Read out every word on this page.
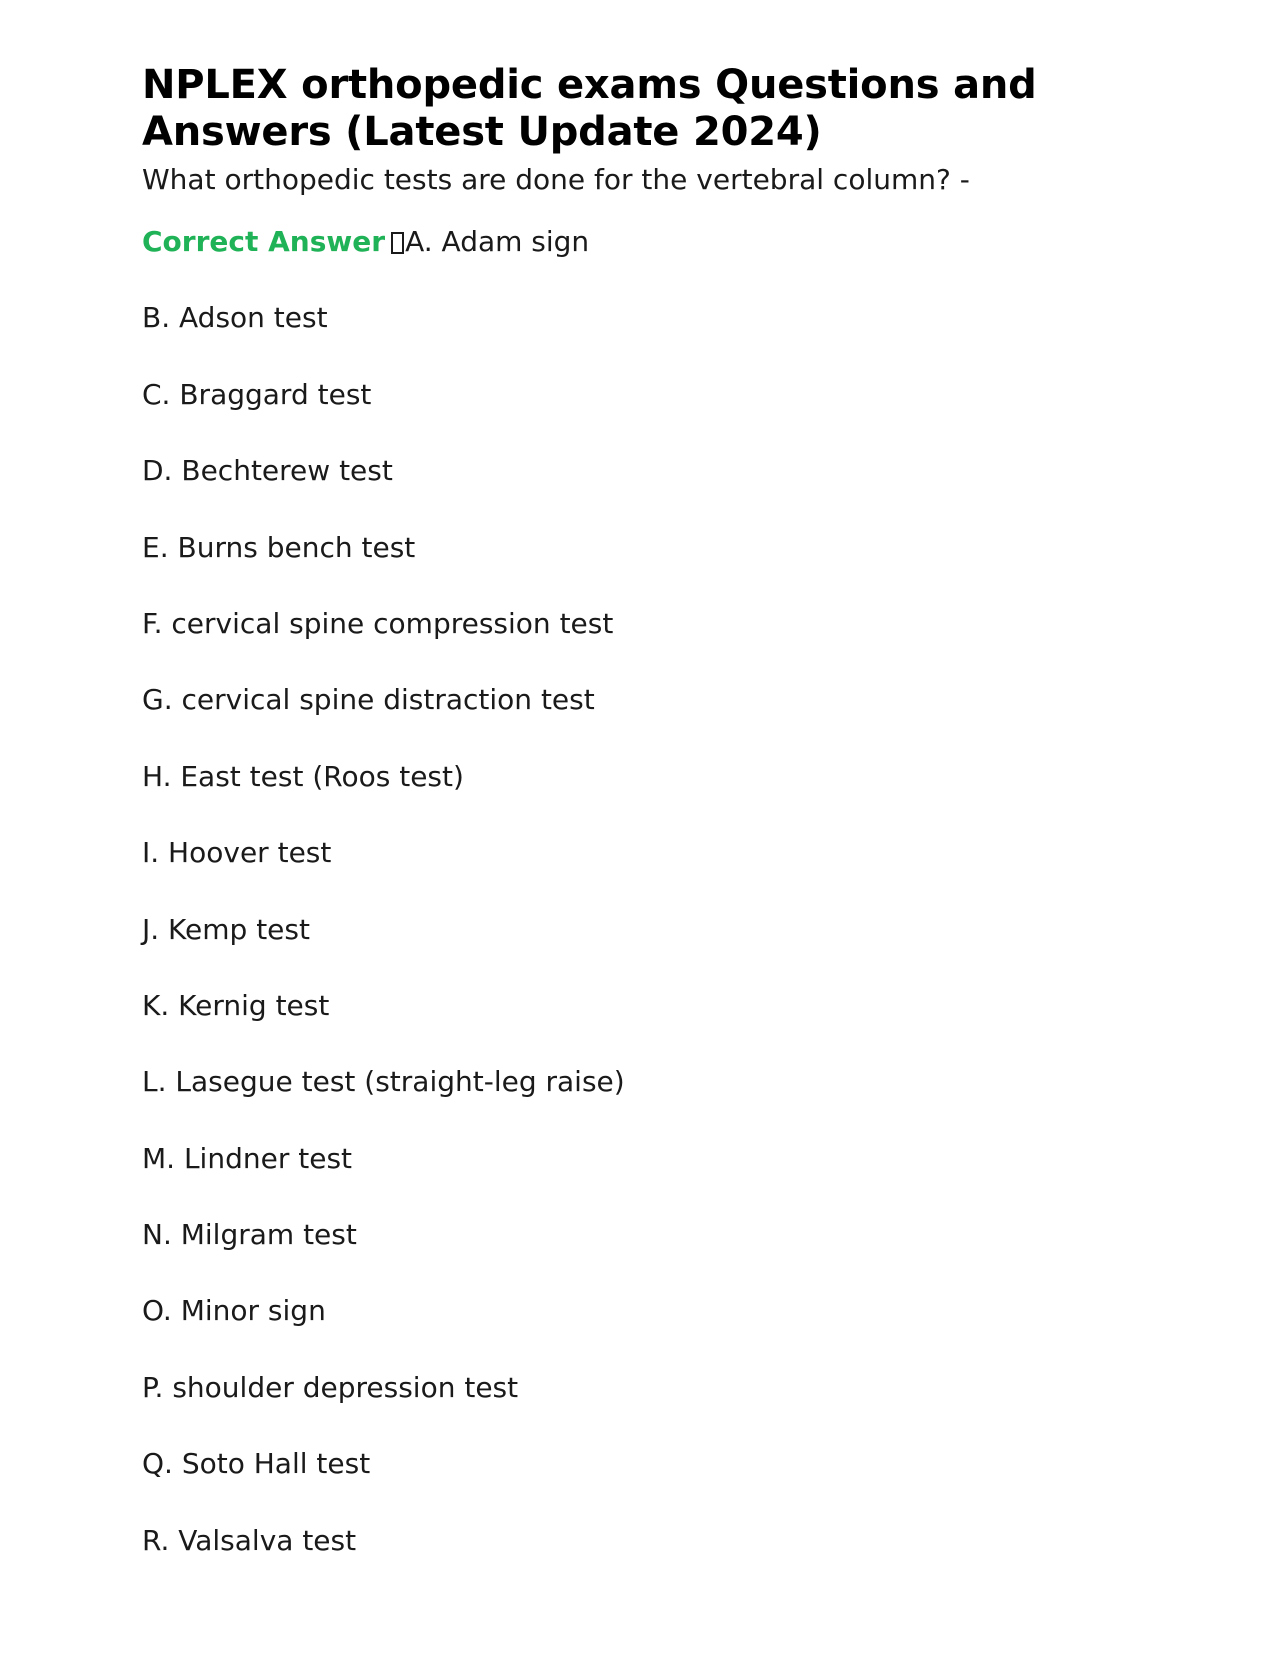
NPLEX orthopedic exams Questions and Answers (Latest Update 2024)

What orthopedic tests are done for the vertebral column? -

Correct Answer A. Adam sign

B. Adson test
C. Braggard test
D. Bechterew test
E. Burns bench test
F. cervical spine compression test
G. cervical spine distraction test
H. East test (Roos test)
I. Hoover test
J. Kemp test
K. Kernig test
L. Lasegue test (straight-leg raise)
M. Lindner test
N. Milgram test
O. Minor sign
P. shoulder depression test
Q. Soto Hall test
R. Valsalva test
